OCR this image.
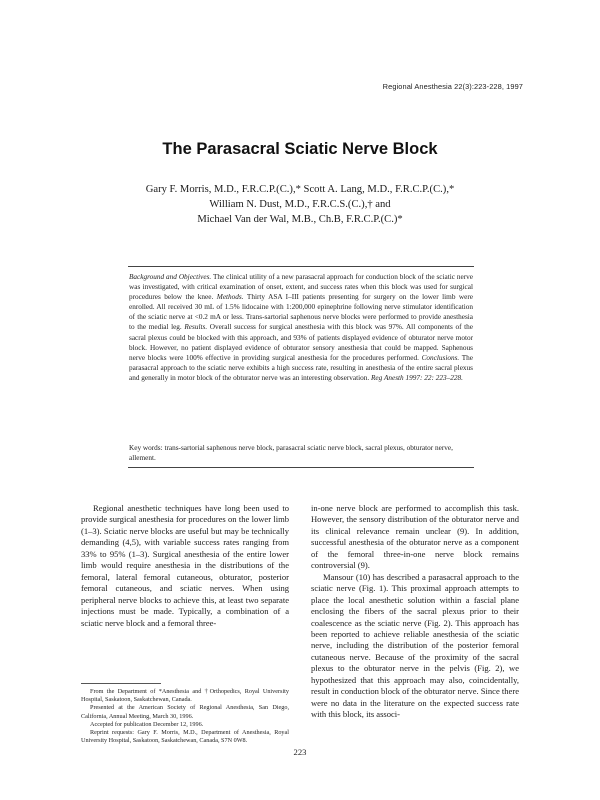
Regional Anesthesia 22(3):223-228, 1997
The Parasacral Sciatic Nerve Block
Gary F. Morris, M.D., F.R.C.P.(C.),* Scott A. Lang, M.D., F.R.C.P.(C.),*
William N. Dust, M.D., F.R.C.S.(C.),† and
Michael Van der Wal, M.B., Ch.B, F.R.C.P.(C.)*
Background and Objectives. The clinical utility of a new parasacral approach for conduction block of the sciatic nerve was investigated, with critical examination of onset, extent, and success rates when this block was used for surgical procedures below the knee. Methods. Thirty ASA I–III patients presenting for surgery on the lower limb were enrolled. All received 30 mL of 1.5% lidocaine with 1:200,000 epinephrine following nerve stimulator identification of the sciatic nerve at <0.2 mA or less. Trans-sartorial saphenous nerve blocks were performed to provide anesthesia to the medial leg. Results. Overall success for surgical anesthesia with this block was 97%. All components of the sacral plexus could be blocked with this approach, and 93% of patients displayed evidence of obturator nerve motor block. However, no patient displayed evidence of obturator sensory anesthesia that could be mapped. Saphenous nerve blocks were 100% effective in providing surgical anesthesia for the procedures performed. Conclusions. The parasacral approach to the sciatic nerve exhibits a high success rate, resulting in anesthesia of the entire sacral plexus and generally in motor block of the obturator nerve was an interesting observation. Reg Anesth 1997: 22: 223–228.
Key words: trans-sartorial saphenous nerve block, parasacral sciatic nerve block, sacral plexus, obturator nerve, allement.

Regional anesthetic techniques have long been used to provide surgical anesthesia for procedures on the lower limb (1–3). Sciatic nerve blocks are useful but may be technically demanding (4,5), with variable success rates ranging from 33% to 95% (1–3). Surgical anesthesia of the entire lower limb would require anesthesia in the distributions of the femoral, lateral femoral cutaneous, obturator, posterior femoral cutaneous, and sciatic nerves. When using peripheral nerve blocks to achieve this, at least two separate injections must be made. Typically, a combination of a sciatic nerve block and a femoral three-

in-one nerve block are performed to accomplish this task. However, the sensory distribution of the obturator nerve and its clinical relevance remain unclear (9). In addition, successful anesthesia of the obturator nerve as a component of the femoral three-in-one nerve block remains controversial (9).

Mansour (10) has described a parasacral approach to the sciatic nerve (Fig. 1). This proximal approach attempts to place the local anesthetic solution within a fascial plane enclosing the fibers of the sacral plexus prior to their coalescence as the sciatic nerve (Fig. 2). This approach has been reported to achieve reliable anesthesia of the sciatic nerve, including the distribution of the posterior femoral cutaneous nerve. Because of the proximity of the sacral plexus to the obturator nerve in the pelvis (Fig. 2), we hypothesized that this approach may also, coincidentally, result in conduction block of the obturator nerve. Since there were no data in the literature on the expected success rate with this block, its associ-

From the Department of *Anesthesia and †Orthopedics, Royal University Hospital, Saskatoon, Saskatchewan, Canada.

Presented at the American Society of Regional Anesthesia, San Diego, California, Annual Meeting, March 30, 1996.

Accepted for publication December 12, 1996.

Reprint requests: Gary F. Morris, M.D., Department of Anesthesia, Royal University Hospital, Saskatoon, Saskatchewan, Canada, S7N 0W8.

223
